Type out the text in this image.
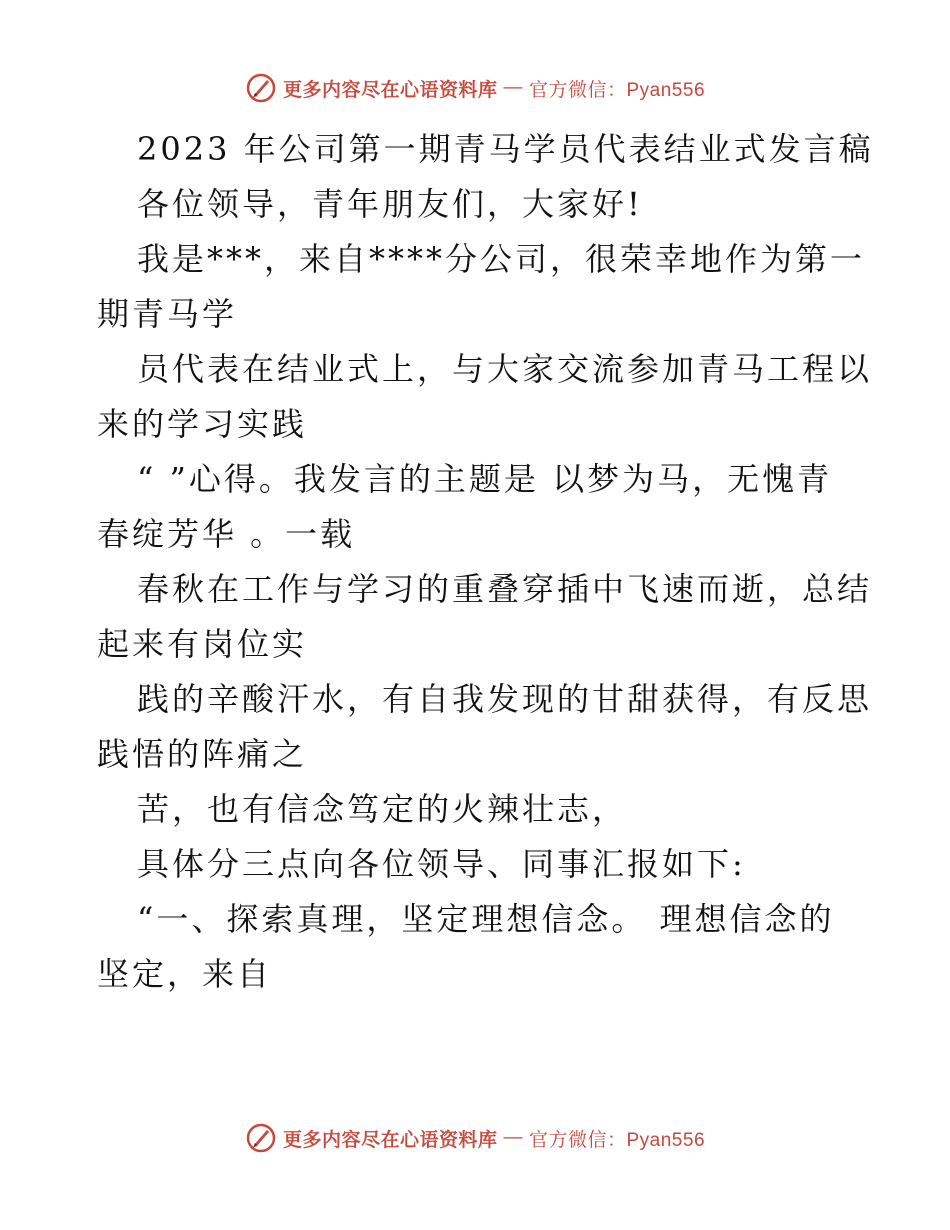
更多内容尽在心语资料库 — 官方微信：Pyan556

2023 年公司第一期青马学员代表结业式发言稿

各位领导，青年朋友们，大家好!

我是***，来自****分公司，很荣幸地作为第一
期青马学

员代表在结业式上，与大家交流参加青马工程以
来的学习实践

“ ”心得。我发言的主题是 以梦为马，无愧青
春绽芳华 。一载

春秋在工作与学习的重叠穿插中飞速而逝，总结
起来有岗位实

践的辛酸汗水，有自我发现的甘甜获得，有反思
践悟的阵痛之

苦，也有信念笃定的火辣壮志，

具体分三点向各位领导、同事汇报如下:

“一、探索真理，坚定理想信念。 理想信念的
坚定，来自

更多内容尽在心语资料库 — 官方微信：Pyan556
